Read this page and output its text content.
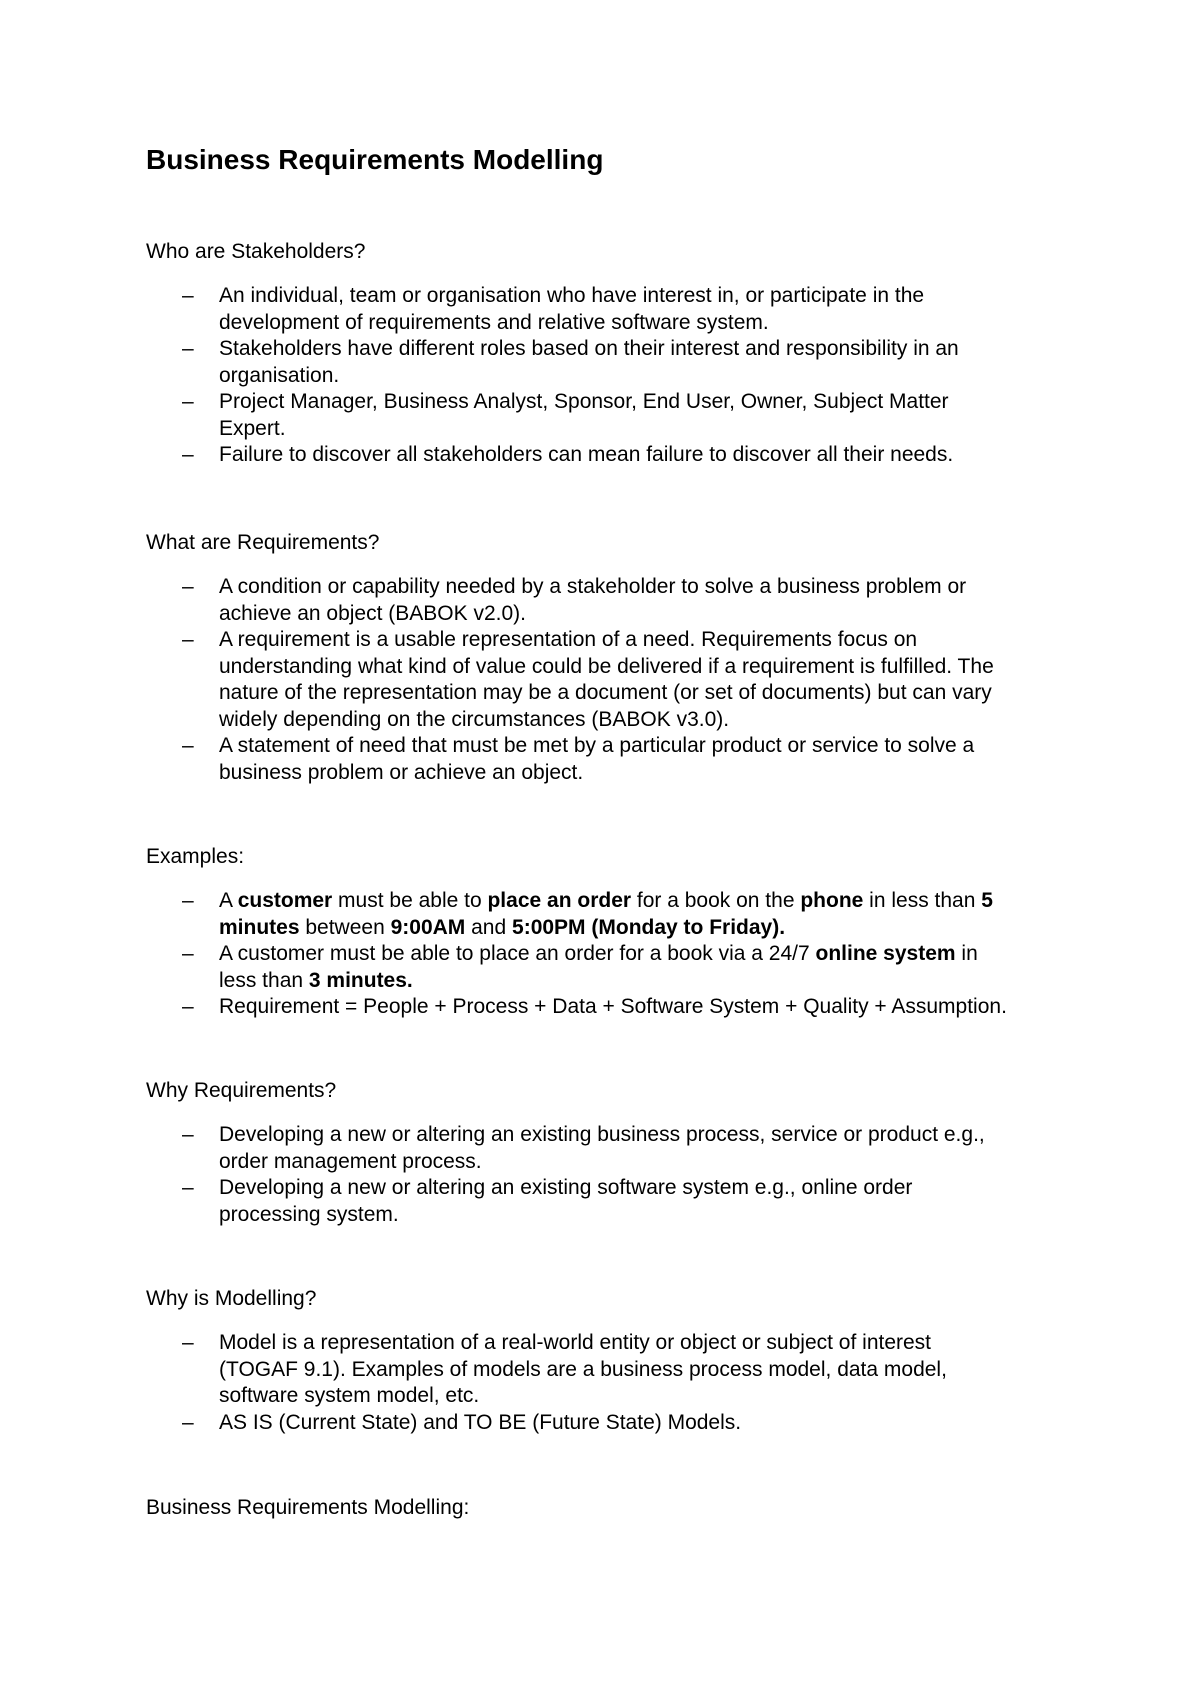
Business Requirements Modelling
Who are Stakeholders?
– An individual, team or organisation who have interest in, or participate in the
development of requirements and relative software system.
– Stakeholders have different roles based on their interest and responsibility in an
organisation.
– Project Manager, Business Analyst, Sponsor, End User, Owner, Subject Matter
Expert.
– Failure to discover all stakeholders can mean failure to discover all their needs.
What are Requirements?
– A condition or capability needed by a stakeholder to solve a business problem or
achieve an object (BABOK v2.0).
– A requirement is a usable representation of a need. Requirements focus on
understanding what kind of value could be delivered if a requirement is fulfilled. The
nature of the representation may be a document (or set of documents) but can vary
widely depending on the circumstances (BABOK v3.0).
– A statement of need that must be met by a particular product or service to solve a
business problem or achieve an object.
Examples:
– A customer must be able to place an order for a book on the phone in less than 5
minutes between 9:00AM and 5:00PM (Monday to Friday).
– A customer must be able to place an order for a book via a 24/7 online system in
less than 3 minutes.
– Requirement = People + Process + Data + Software System + Quality + Assumption.
Why Requirements?
– Developing a new or altering an existing business process, service or product e.g.,
order management process.
– Developing a new or altering an existing software system e.g., online order
processing system.
Why is Modelling?
– Model is a representation of a real-world entity or object or subject of interest
(TOGAF 9.1). Examples of models are a business process model, data model,
software system model, etc.
– AS IS (Current State) and TO BE (Future State) Models.
Business Requirements Modelling:
